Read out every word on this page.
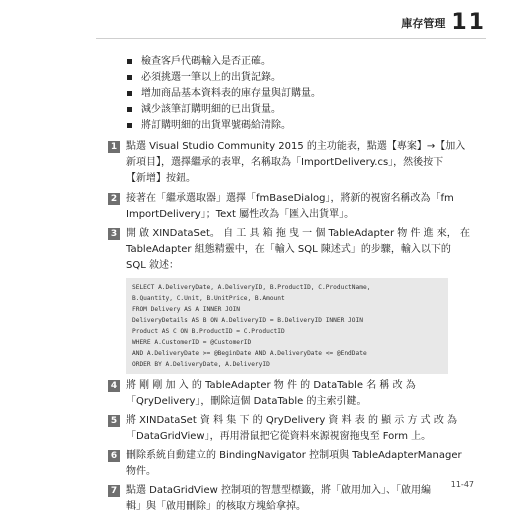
庫存管理 11
檢查客戶代碼輸入是否正確。
必須挑選一筆以上的出貨記錄。
增加商品基本資料表的庫存量與訂購量。
減少該筆訂購明細的已出貨量。
將訂購明細的出貨單號碼給清除。
1 點選 Visual Studio Community 2015 的主功能表，點選【專案】→【加入
新項目】，選擇繼承的表單，名稱取為「ImportDelivery.cs」，然後按下
【新增】按鈕。
2 接著在「繼承選取器」選擇「fmBaseDialog」，將新的視窗名稱改為「fm
ImportDelivery」；Text 屬性改為「匯入出貨單」。
3 開 啟 XINDataSet。 自 工 具 箱 拖 曳 一 個 TableAdapter 物 件 進 來， 在
TableAdapter 組態精靈中，在「輸入 SQL 陳述式」的步驟，輸入以下的
SQL 敘述：
SELECT A.DeliveryDate, A.DeliveryID, B.ProductID, C.ProductName,
B.Quantity, C.Unit, B.UnitPrice, B.Amount
FROM Delivery AS A INNER JOIN
DeliveryDetails AS B ON A.DeliveryID = B.DeliveryID INNER JOIN
Product AS C ON B.ProductID = C.ProductID
WHERE A.CustomerID = @CustomerID
AND A.DeliveryDate >= @BeginDate AND A.DeliveryDate <= @EndDate
ORDER BY A.DeliveryDate, A.DeliveryID
4 將 剛 剛 加 入 的 TableAdapter 物 件 的 DataTable 名 稱 改 為
「QryDelivery」，刪除這個 DataTable 的主索引鍵。
5 將 XINDataSet 資 料 集 下 的 QryDelivery 資 料 表 的 顯 示 方 式 改 為
「DataGridView」，再用滑鼠把它從資料來源視窗拖曳至 Form 上。
6 刪除系統自動建立的 BindingNavigator 控制項與 TableAdapterManager
物件。
7 點選 DataGridView 控制項的智慧型標籤，將「啟用加入」、「啟用編
輯」與「啟用刪除」的核取方塊給拿掉。
11-47
